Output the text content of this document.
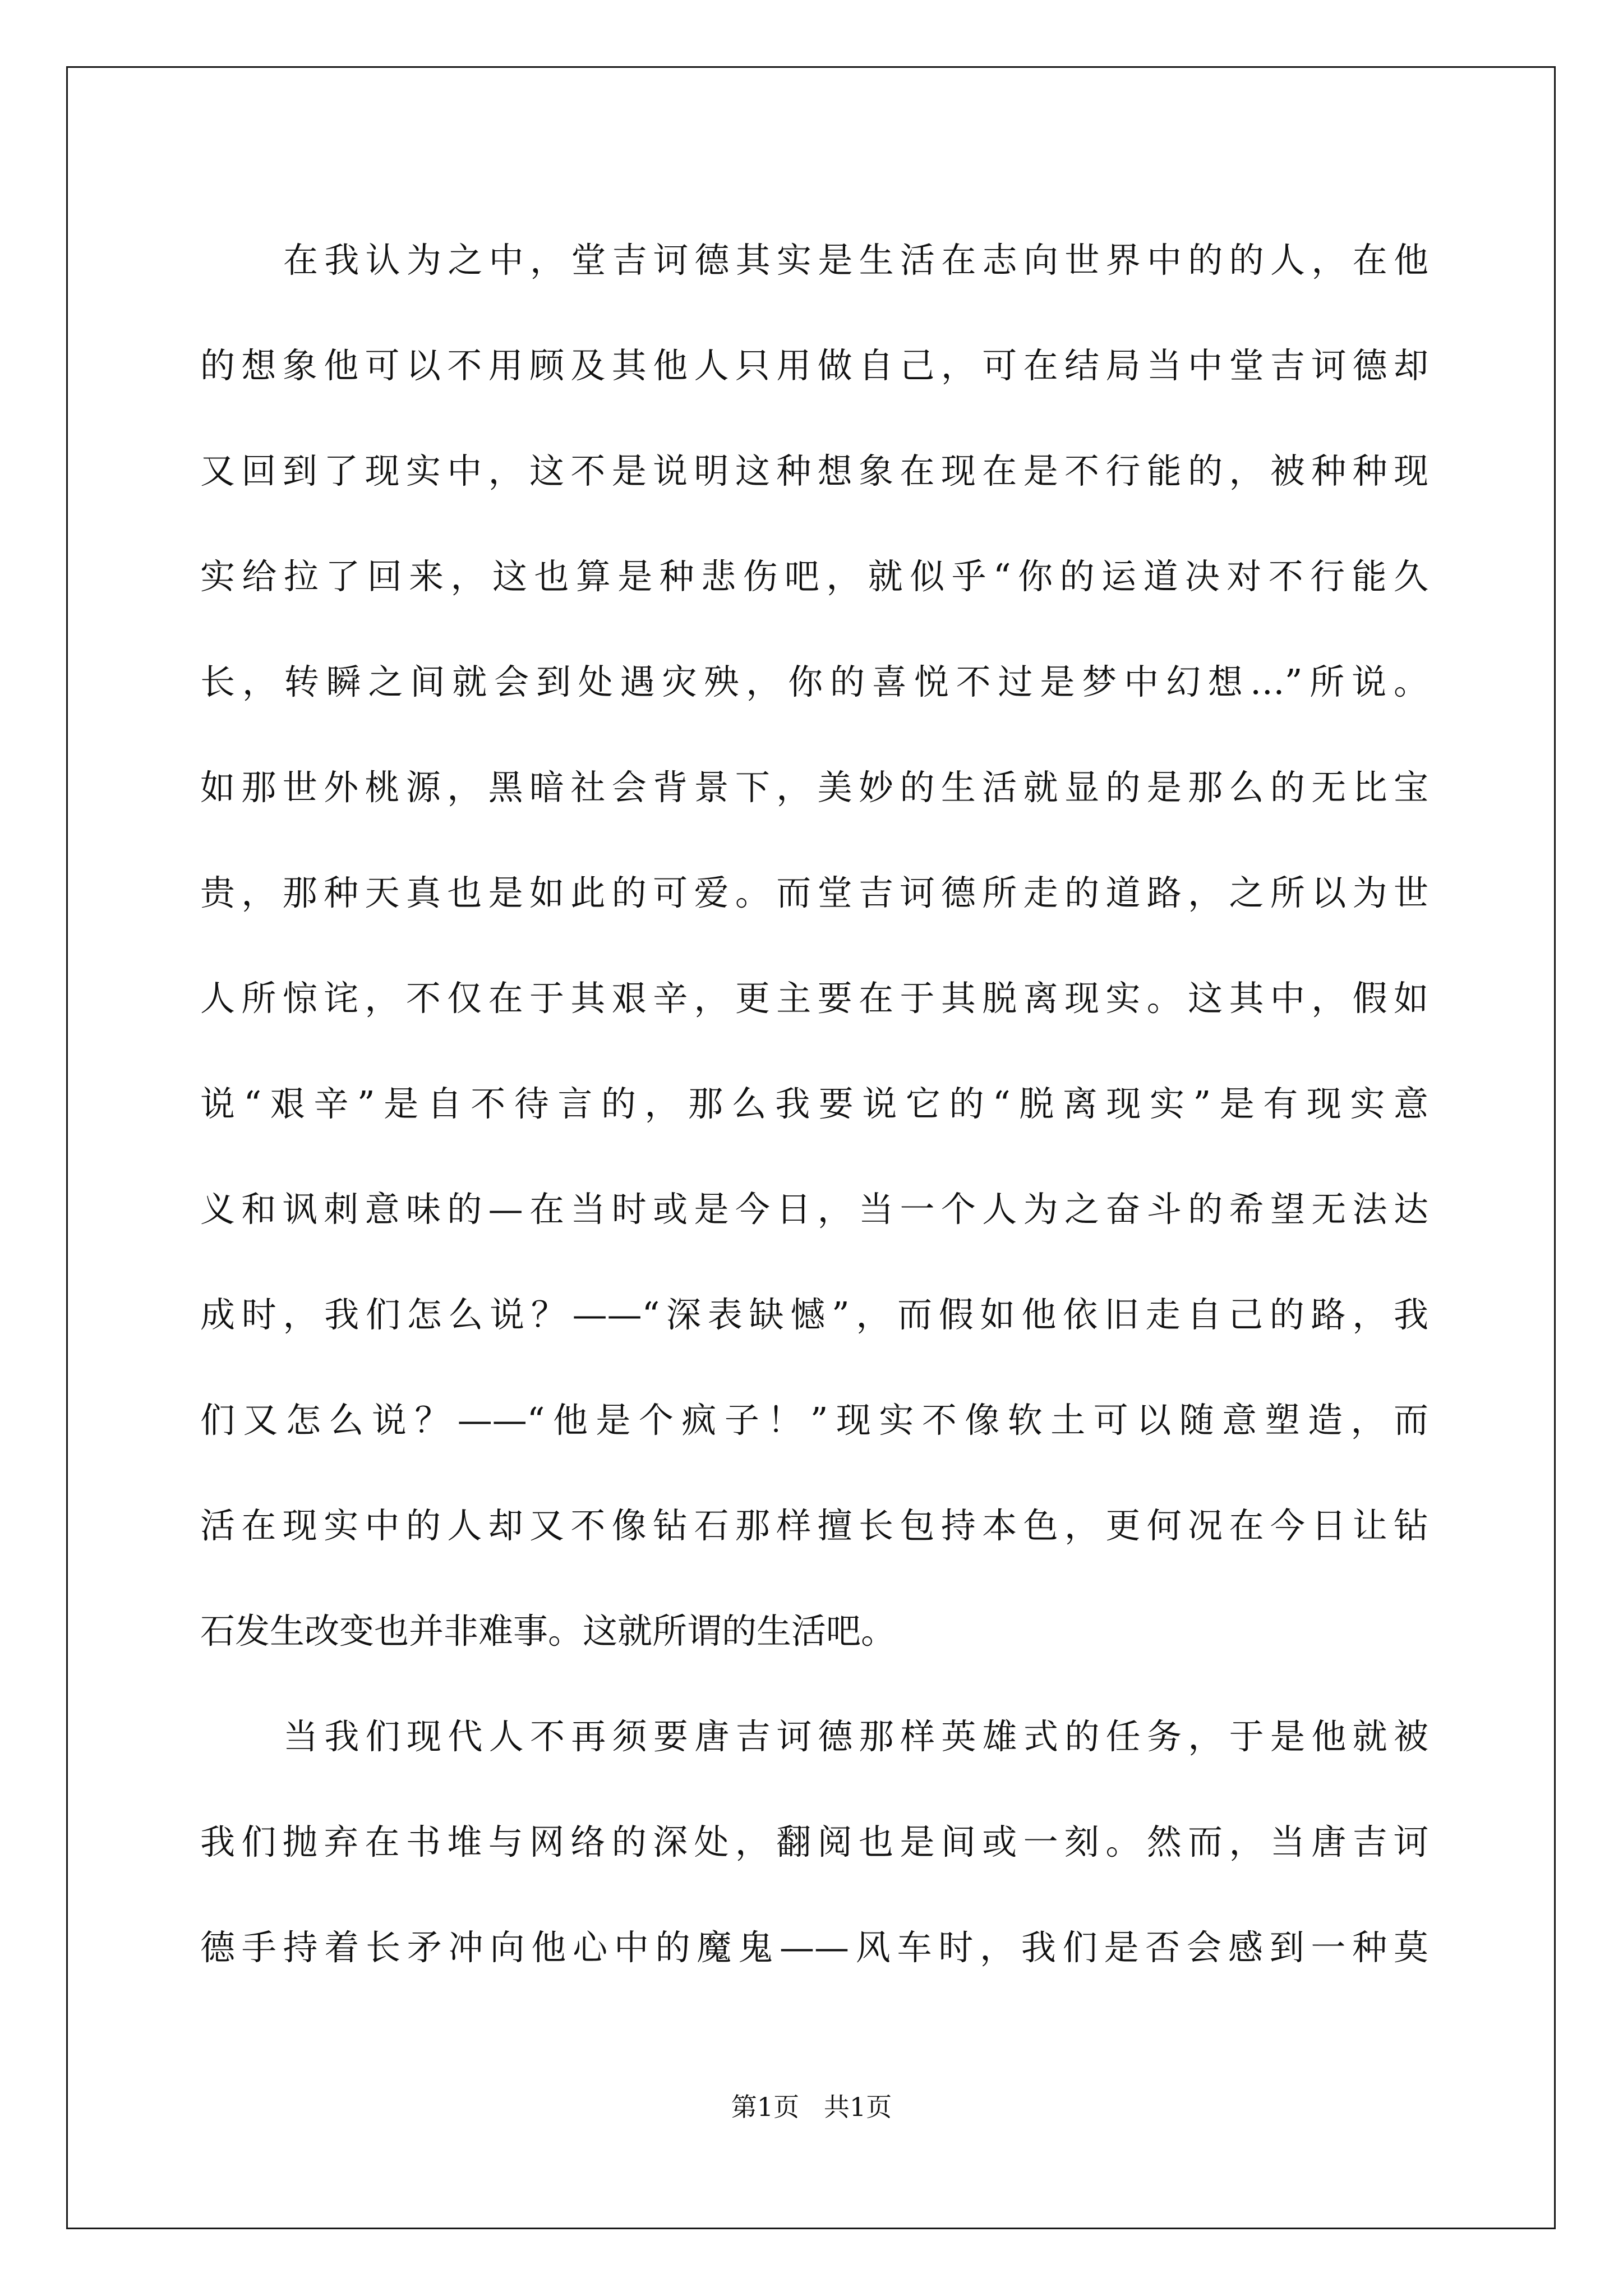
在我认为之中，堂吉诃德其实是生活在志向世界中的的人，在他
的想象他可以不用顾及其他人只用做自己，可在结局当中堂吉诃德却
又回到了现实中，这不是说明这种想象在现在是不行能的，被种种现
实给拉了回来，这也算是种悲伤吧，就似乎“你的运道决对不行能久
长，转瞬之间就会到处遇灾殃，你的喜悦不过是梦中幻想…”所说。
如那世外桃源，黑暗社会背景下，美妙的生活就显的是那么的无比宝
贵，那种天真也是如此的可爱。而堂吉诃德所走的道路，之所以为世
人所惊诧，不仅在于其艰辛，更主要在于其脱离现实。这其中，假如
说“艰辛”是自不待言的，那么我要说它的“脱离现实”是有现实意
义和讽刺意味的—在当时或是今日，当一个人为之奋斗的希望无法达
成时，我们怎么说？——“深表缺憾”，而假如他依旧走自己的路，我
们又怎么说？——“他是个疯子！”现实不像软土可以随意塑造，而
活在现实中的人却又不像钻石那样擅长包持本色，更何况在今日让钻
石发生改变也并非难事。这就所谓的生活吧。
当我们现代人不再须要唐吉诃德那样英雄式的任务，于是他就被
我们抛弃在书堆与网络的深处，翻阅也是间或一刻。然而，当唐吉诃
德手持着长矛冲向他心中的魔鬼——风车时，我们是否会感到一种莫
第1页   共1页
